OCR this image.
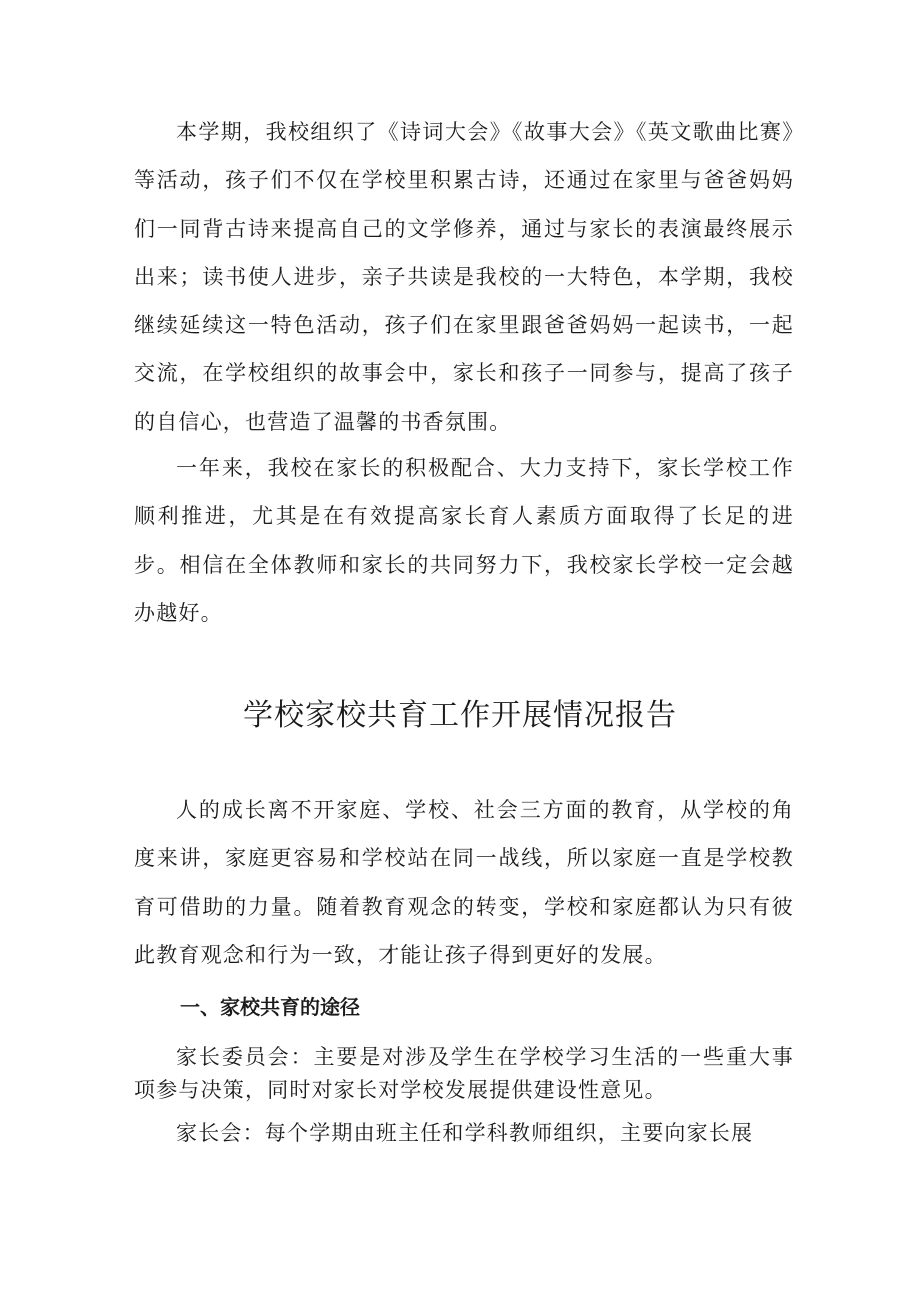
本学期，我校组织了《诗词大会》《故事大会》《英文歌曲比赛》等活动，孩子们不仅在学校里积累古诗，还通过在家里与爸爸妈妈们一同背古诗来提高自己的文学修养，通过与家长的表演最终展示出来；读书使人进步，亲子共读是我校的一大特色，本学期，我校继续延续这一特色活动，孩子们在家里跟爸爸妈妈一起读书，一起交流，在学校组织的故事会中，家长和孩子一同参与，提高了孩子的自信心，也营造了温馨的书香氛围。

一年来，我校在家长的积极配合、大力支持下，家长学校工作顺利推进，尤其是在有效提高家长育人素质方面取得了长足的进步。相信在全体教师和家长的共同努力下，我校家长学校一定会越办越好。

学校家校共育工作开展情况报告

人的成长离不开家庭、学校、社会三方面的教育，从学校的角度来讲，家庭更容易和学校站在同一战线，所以家庭一直是学校教育可借助的力量。随着教育观念的转变，学校和家庭都认为只有彼此教育观念和行为一致，才能让孩子得到更好的发展。

一、家校共育的途径

家长委员会：主要是对涉及学生在学校学习生活的一些重大事项参与决策，同时对家长对学校发展提供建设性意见。

家长会：每个学期由班主任和学科教师组织，主要向家长展
